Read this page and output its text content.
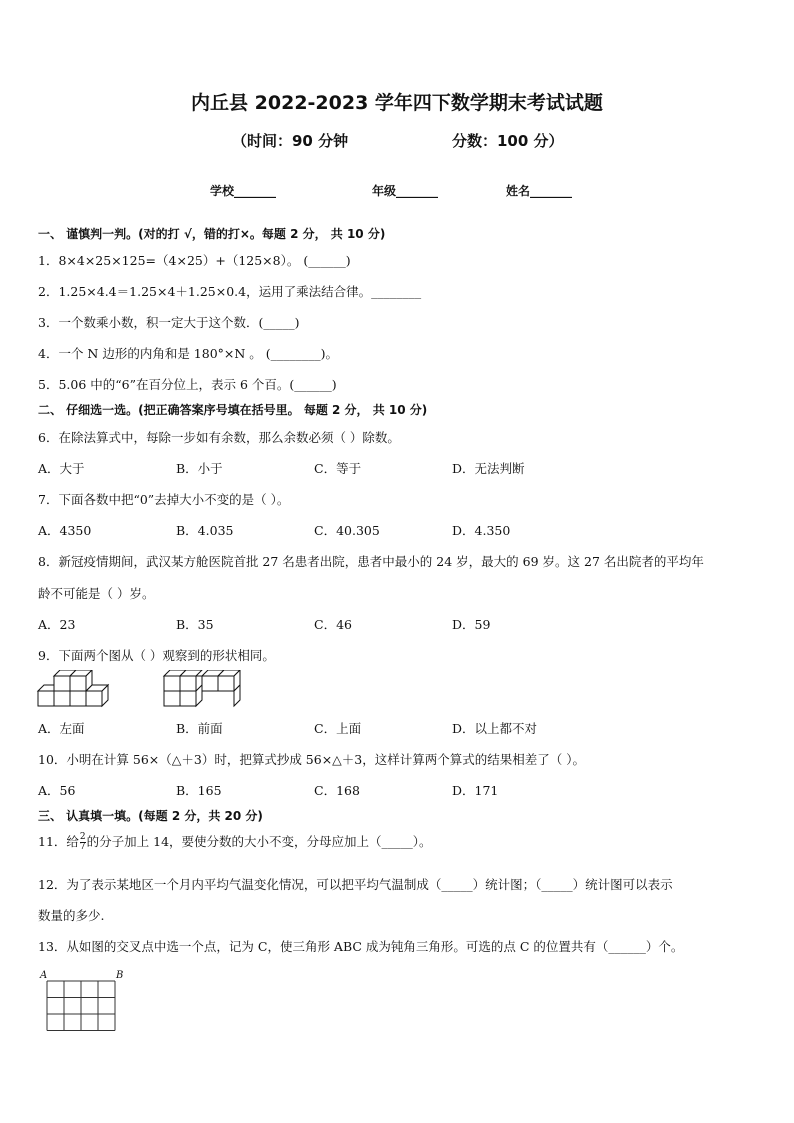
内丘县 2022-2023 学年四下数学期末考试试题
（时间：90 分钟	分数：100 分）
学校_______	年级_______	姓名_______
一、 谨慎判一判。(对的打 √，错的打×。每题 2 分， 共 10 分)
1．8×4×25×125=（4×25）+（125×8）。 (______)
2．1.25×4.4＝1.25×4＋1.25×0.4，运用了乘法结合律。________
3．一个数乘小数，积一定大于这个数．(_____)
4．一个 N 边形的内角和是 180°×N 。 (________)。
5．5.06 中的“6”在百分位上，表示 6 个百。(______)
二、 仔细选一选。(把正确答案序号填在括号里。 每题 2 分， 共 10 分)
6．在除法算式中，每除一步如有余数，那么余数必须（ ）除数。
A．大于	B．小于	C．等于	D．无法判断
7．下面各数中把“0”去掉大小不变的是（ ）。
A．4350	B．4.035	C．40.305	D．4.350
8．新冠疫情期间，武汉某方舱医院首批 27 名患者出院，患者中最小的 24 岁，最大的 69 岁。这 27 名出院者的平均年
龄不可能是（ ）岁。
A．23	B．35	C．46	D．59
9．下面两个图从（ ）观察到的形状相同。
A．左面	B．前面	C．上面	D．以上都不对
10．小明在计算 56×（△＋3）时，把算式抄成 56×△＋3，这样计算两个算式的结果相差了（ ）。
A．56	B．165	C．168	D．171
三、 认真填一填。(每题 2 分，共 20 分)
11．给 $\frac{2}{7}$ 的分子加上 14，要使分数的大小不变，分母应加上（_____）。
12．为了表示某地区一个月内平均气温变化情况，可以把平均气温制成（_____）统计图；（_____）统计图可以表示
数量的多少.
13．从如图的交叉点中选一个点，记为 C，使三角形 ABC 成为钝角三角形。可选的点 C 的位置共有（______）个。
A	B
